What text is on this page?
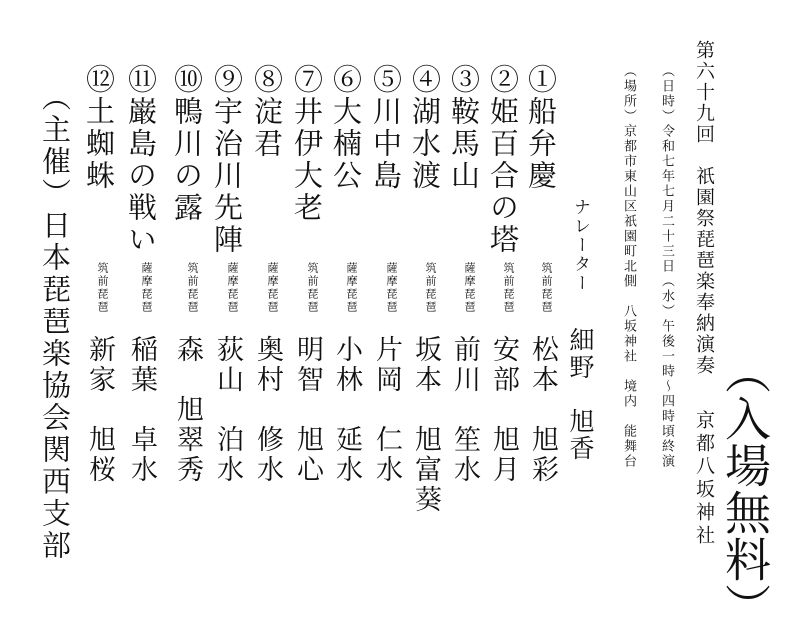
（入場無料）
第六十九回　祇園祭琵琶楽奉納演奏
京都八坂神社
（日時）令和七年七月二十三日（水）午後一時〜四時頃終演
（場所）京都市東山区祇園町北側　八坂神社　境内　能舞台
ナレーター
細野　旭香
①船弁慶
筑前琵琶
松本　旭彩
②姫百合の塔
筑前琵琶
安部　旭月
③鞍馬山
薩摩琵琶
前川　笙水
④湖水渡
筑前琵琶
坂本　旭富葵
⑤川中島
薩摩琵琶
片岡　仁水
⑥大楠公
薩摩琵琶
小林　延水
⑦井伊大老
筑前琵琶
明智　旭心
⑧淀君
薩摩琵琶
奥村　修水
⑨宇治川先陣
薩摩琵琶
荻山　泊水
⑩鴨川の露
筑前琵琶
森　旭翠秀
⑪巌島の戦い
薩摩琵琶
稲葉　卓水
⑫土蜘蛛
筑前琵琶
新家　旭桜
（主催）日本琵琶楽協会関西支部
